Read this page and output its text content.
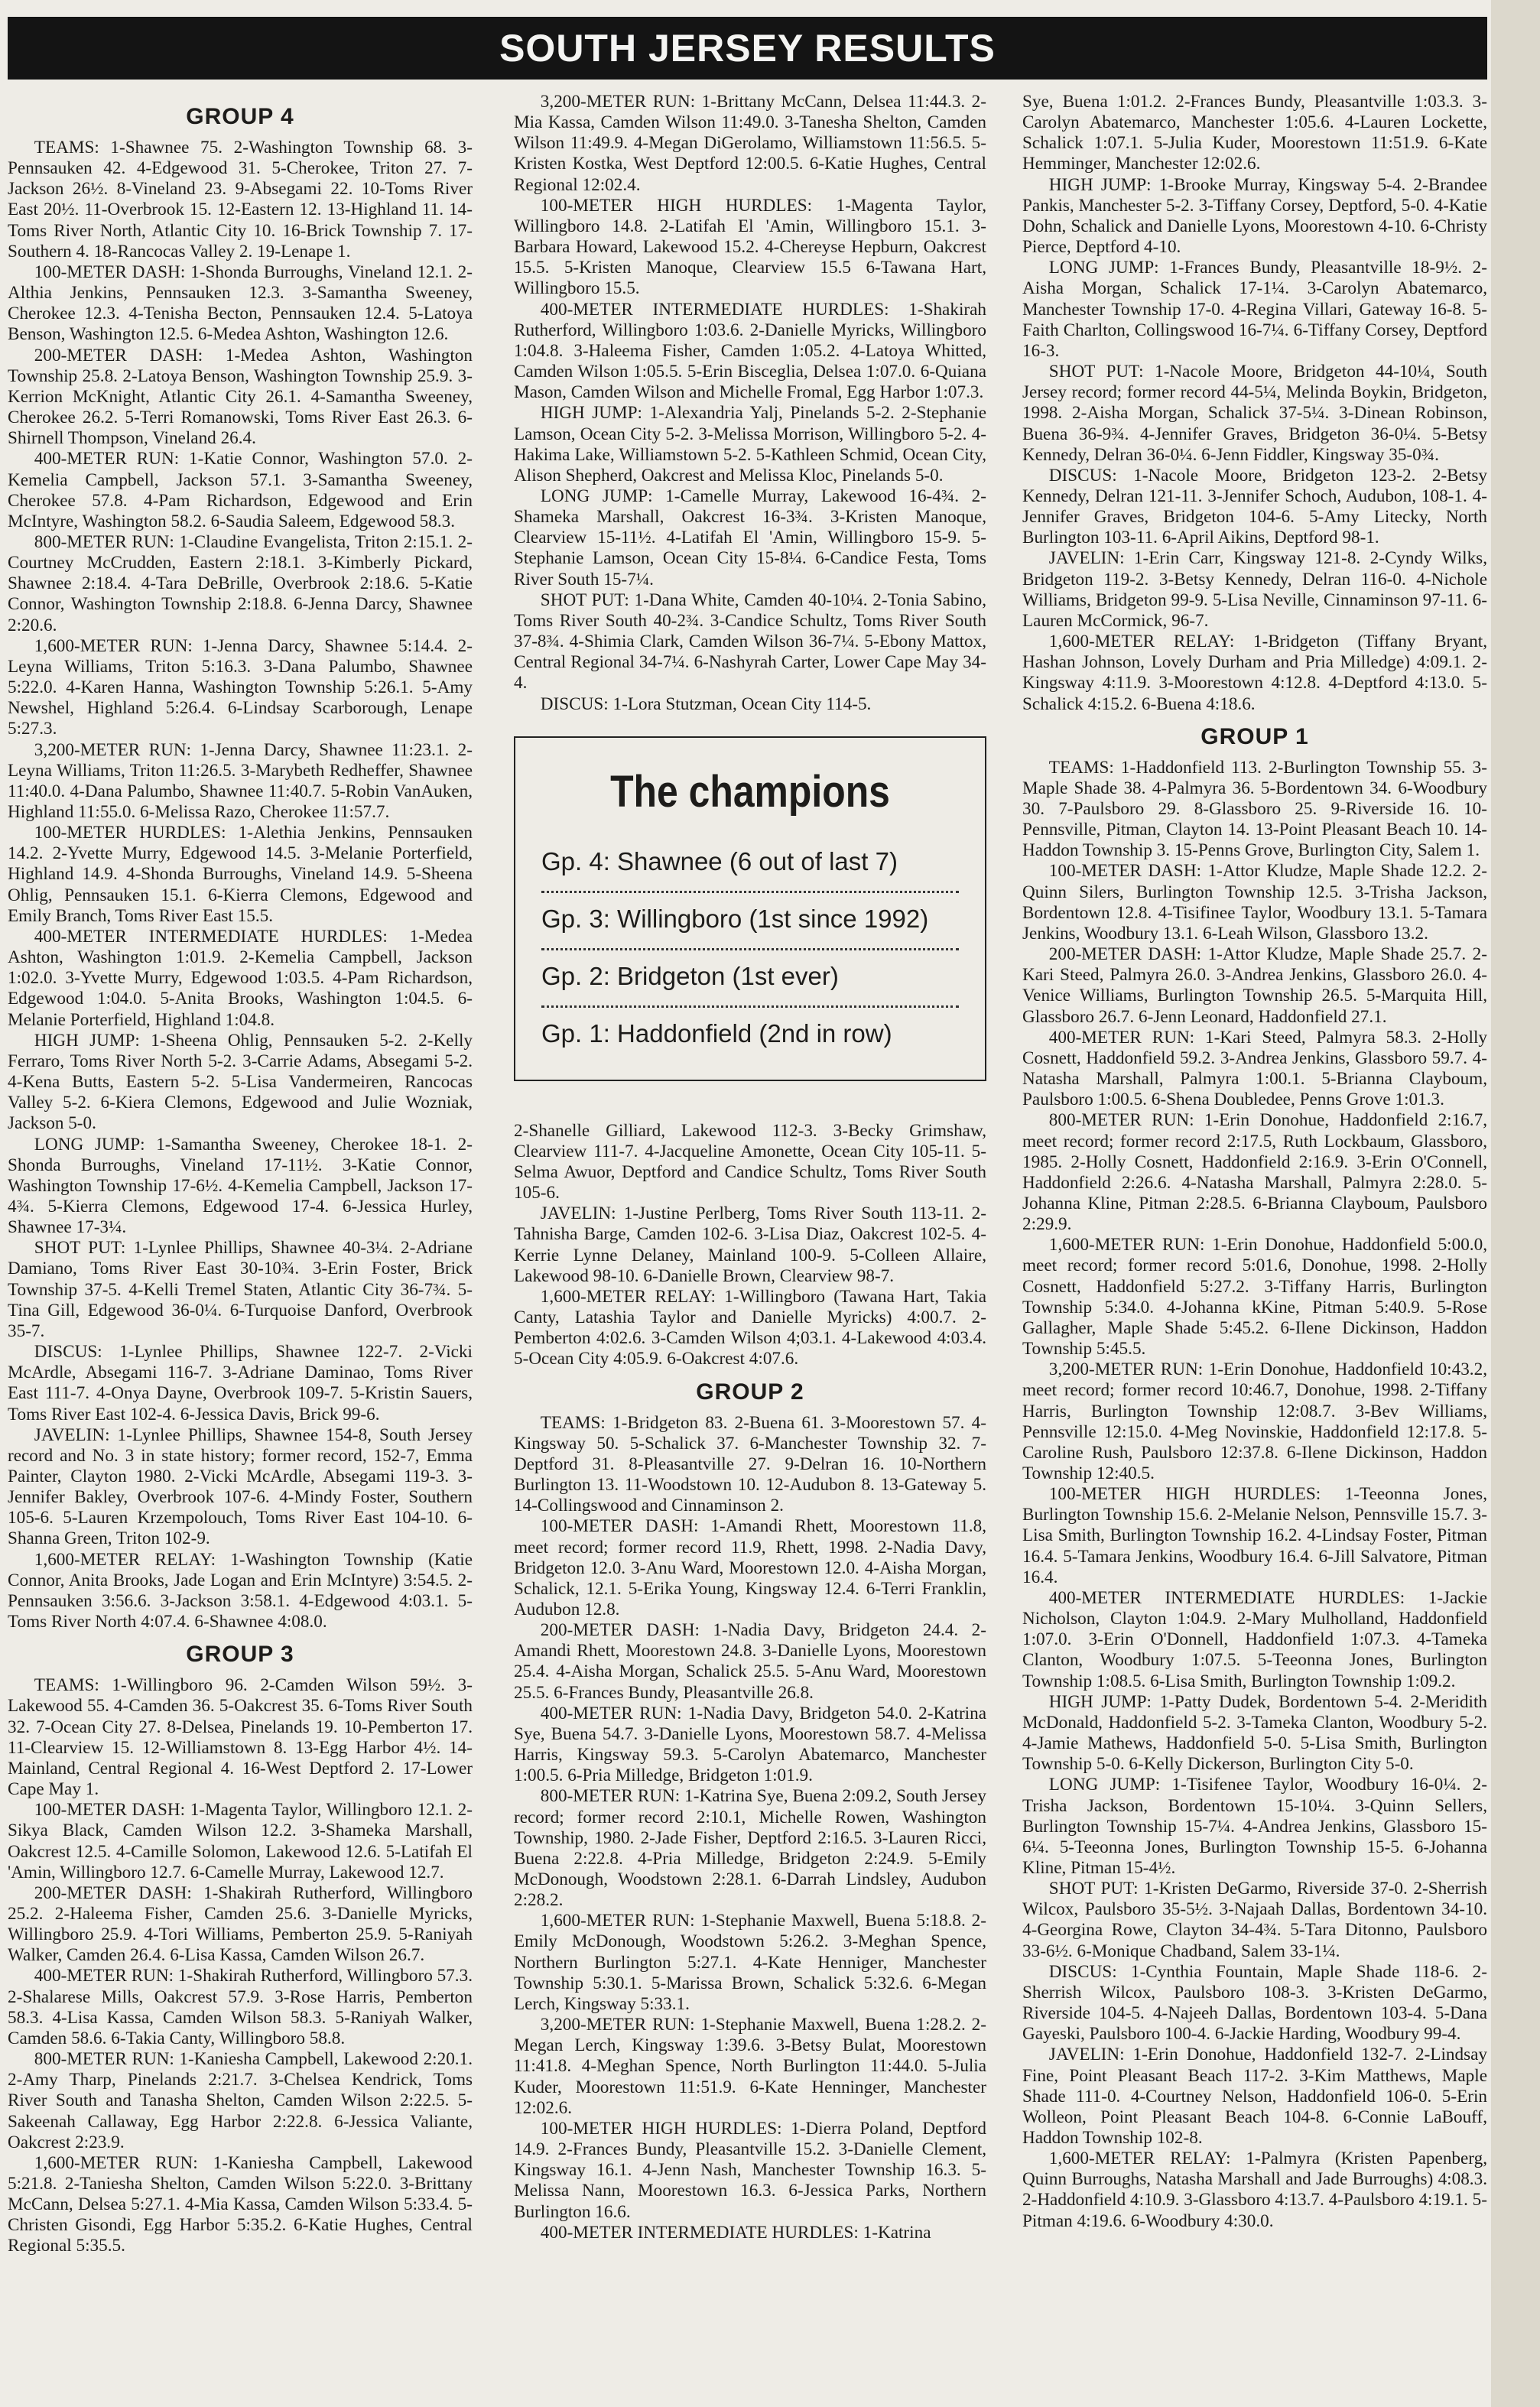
SOUTH JERSEY RESULTS
GROUP 4

TEAMS: 1-Shawnee 75. 2-Washington Township 68. 3-Pennsauken 42. 4-Edgewood 31. 5-Cherokee, Triton 27. 7-Jackson 26½. 8-Vineland 23. 9-Absegami 22. 10-Toms River East 20½. 11-Overbrook 15. 12-Eastern 12. 13-Highland 11. 14-Toms River North, Atlantic City 10. 16-Brick Township 7. 17-Southern 4. 18-Rancocas Valley 2. 19-Lenape 1.

100-METER DASH: 1-Shonda Burroughs, Vineland 12.1. 2-Althia Jenkins, Pennsauken 12.3. 3-Samantha Sweeney, Cherokee 12.3. 4-Tenisha Becton, Pennsauken 12.4. 5-Latoya Benson, Washington 12.5. 6-Medea Ashton, Washington 12.6.

200-METER DASH: 1-Medea Ashton, Washington Township 25.8. 2-Latoya Benson, Washington Township 25.9. 3-Kerrion McKnight, Atlantic City 26.1. 4-Samantha Sweeney, Cherokee 26.2. 5-Terri Romanowski, Toms River East 26.3. 6-Shirnell Thompson, Vineland 26.4.

400-METER RUN: 1-Katie Connor, Washington 57.0. 2-Kemelia Campbell, Jackson 57.1. 3-Samantha Sweeney, Cherokee 57.8. 4-Pam Richardson, Edgewood and Erin McIntyre, Washington 58.2. 6-Saudia Saleem, Edgewood 58.3.

800-METER RUN: 1-Claudine Evangelista, Triton 2:15.1. 2-Courtney McCrudden, Eastern 2:18.1. 3-Kimberly Pickard, Shawnee 2:18.4. 4-Tara DeBrille, Overbrook 2:18.6. 5-Katie Connor, Washington Township 2:18.8. 6-Jenna Darcy, Shawnee 2:20.6.

1,600-METER RUN: 1-Jenna Darcy, Shawnee 5:14.4. 2-Leyna Williams, Triton 5:16.3. 3-Dana Palumbo, Shawnee 5:22.0. 4-Karen Hanna, Washington Township 5:26.1. 5-Amy Newshel, Highland 5:26.4. 6-Lindsay Scarborough, Lenape 5:27.3.

3,200-METER RUN: 1-Jenna Darcy, Shawnee 11:23.1. 2-Leyna Williams, Triton 11:26.5. 3-Marybeth Redheffer, Shawnee 11:40.0. 4-Dana Palumbo, Shawnee 11:40.7. 5-Robin VanAuken, Highland 11:55.0. 6-Melissa Razo, Cherokee 11:57.7.

100-METER HURDLES: 1-Alethia Jenkins, Pennsauken 14.2. 2-Yvette Murry, Edgewood 14.5. 3-Melanie Porterfield, Highland 14.9. 4-Shonda Burroughs, Vineland 14.9. 5-Sheena Ohlig, Pennsauken 15.1. 6-Kierra Clemons, Edgewood and Emily Branch, Toms River East 15.5.

400-METER INTERMEDIATE HURDLES: 1-Medea Ashton, Washington 1:01.9. 2-Kemelia Campbell, Jackson 1:02.0. 3-Yvette Murry, Edgewood 1:03.5. 4-Pam Richardson, Edgewood 1:04.0. 5-Anita Brooks, Washington 1:04.5. 6-Melanie Porterfield, Highland 1:04.8.

HIGH JUMP: 1-Sheena Ohlig, Pennsauken 5-2. 2-Kelly Ferraro, Toms River North 5-2. 3-Carrie Adams, Absegami 5-2. 4-Kena Butts, Eastern 5-2. 5-Lisa Vandermeiren, Rancocas Valley 5-2. 6-Kiera Clemons, Edgewood and Julie Wozniak, Jackson 5-0.

LONG JUMP: 1-Samantha Sweeney, Cherokee 18-1. 2-Shonda Burroughs, Vineland 17-11½. 3-Katie Connor, Washington Township 17-6½. 4-Kemelia Campbell, Jackson 17-4¾. 5-Kierra Clemons, Edgewood 17-4. 6-Jessica Hurley, Shawnee 17-3¼.

SHOT PUT: 1-Lynlee Phillips, Shawnee 40-3¼. 2-Adriane Damiano, Toms River East 30-10¾. 3-Erin Foster, Brick Township 37-5. 4-Kelli Tremel Staten, Atlantic City 36-7¾. 5-Tina Gill, Edgewood 36-0¼. 6-Turquoise Danford, Overbrook 35-7.

DISCUS: 1-Lynlee Phillips, Shawnee 122-7. 2-Vicki McArdle, Absegami 116-7. 3-Adriane Daminao, Toms River East 111-7. 4-Onya Dayne, Overbrook 109-7. 5-Kristin Sauers, Toms River East 102-4. 6-Jessica Davis, Brick 99-6.

JAVELIN: 1-Lynlee Phillips, Shawnee 154-8, South Jersey record and No. 3 in state history; former record, 152-7, Emma Painter, Clayton 1980. 2-Vicki McArdle, Absegami 119-3. 3-Jennifer Bakley, Overbrook 107-6. 4-Mindy Foster, Southern 105-6. 5-Lauren Krzempolouch, Toms River East 104-10. 6-Shanna Green, Triton 102-9.

1,600-METER RELAY: 1-Washington Township (Katie Connor, Anita Brooks, Jade Logan and Erin McIntyre) 3:54.5. 2-Pennsauken 3:56.6. 3-Jackson 3:58.1. 4-Edgewood 4:03.1. 5-Toms River North 4:07.4. 6-Shawnee 4:08.0.

GROUP 3

TEAMS: 1-Willingboro 96. 2-Camden Wilson 59½. 3-Lakewood 55. 4-Camden 36. 5-Oakcrest 35. 6-Toms River South 32. 7-Ocean City 27. 8-Delsea, Pinelands 19. 10-Pemberton 17. 11-Clearview 15. 12-Williamstown 8. 13-Egg Harbor 4½. 14-Mainland, Central Regional 4. 16-West Deptford 2. 17-Lower Cape May 1.

100-METER DASH: 1-Magenta Taylor, Willingboro 12.1. 2-Sikya Black, Camden Wilson 12.2. 3-Shameka Marshall, Oakcrest 12.5. 4-Camille Solomon, Lakewood 12.6. 5-Latifah El 'Amin, Willingboro 12.7. 6-Camelle Murray, Lakewood 12.7.

200-METER DASH: 1-Shakirah Rutherford, Willingboro 25.2. 2-Haleema Fisher, Camden 25.6. 3-Danielle Myricks, Willingboro 25.9. 4-Tori Williams, Pemberton 25.9. 5-Raniyah Walker, Camden 26.4. 6-Lisa Kassa, Camden Wilson 26.7.

400-METER RUN: 1-Shakirah Rutherford, Willingboro 57.3. 2-Shalarese Mills, Oakcrest 57.9. 3-Rose Harris, Pemberton 58.3. 4-Lisa Kassa, Camden Wilson 58.3. 5-Raniyah Walker, Camden 58.6. 6-Takia Canty, Willingboro 58.8.

800-METER RUN: 1-Kaniesha Campbell, Lakewood 2:20.1. 2-Amy Tharp, Pinelands 2:21.7. 3-Chelsea Kendrick, Toms River South and Tanasha Shelton, Camden Wilson 2:22.5. 5-Sakeenah Callaway, Egg Harbor 2:22.8. 6-Jessica Valiante, Oakcrest 2:23.9.

1,600-METER RUN: 1-Kaniesha Campbell, Lakewood 5:21.8. 2-Taniesha Shelton, Camden Wilson 5:22.0. 3-Brittany McCann, Delsea 5:27.1. 4-Mia Kassa, Camden Wilson 5:33.4. 5-Christen Gisondi, Egg Harbor 5:35.2. 6-Katie Hughes, Central Regional 5:35.5.

3,200-METER RUN: 1-Brittany McCann, Delsea 11:44.3. 2-Mia Kassa, Camden Wilson 11:49.0. 3-Tanesha Shelton, Camden Wilson 11:49.9. 4-Megan DiGerolamo, Williamstown 11:56.5. 5-Kristen Kostka, West Deptford 12:00.5. 6-Katie Hughes, Central Regional 12:02.4.

100-METER HIGH HURDLES: 1-Magenta Taylor, Willingboro 14.8. 2-Latifah El 'Amin, Willingboro 15.1. 3-Barbara Howard, Lakewood 15.2. 4-Chereyse Hepburn, Oakcrest 15.5. 5-Kristen Manoque, Clearview 15.5 6-Tawana Hart, Willingboro 15.5.

400-METER INTERMEDIATE HURDLES: 1-Shakirah Rutherford, Willingboro 1:03.6. 2-Danielle Myricks, Willingboro 1:04.8. 3-Haleema Fisher, Camden 1:05.2. 4-Latoya Whitted, Camden Wilson 1:05.5. 5-Erin Bisceglia, Delsea 1:07.0. 6-Quiana Mason, Camden Wilson and Michelle Fromal, Egg Harbor 1:07.3.

HIGH JUMP: 1-Alexandria Yalj, Pinelands 5-2. 2-Stephanie Lamson, Ocean City 5-2. 3-Melissa Morrison, Willingboro 5-2. 4-Hakima Lake, Williamstown 5-2. 5-Kathleen Schmid, Ocean City, Alison Shepherd, Oakcrest and Melissa Kloc, Pinelands 5-0.

LONG JUMP: 1-Camelle Murray, Lakewood 16-4¾. 2-Shameka Marshall, Oakcrest 16-3¾. 3-Kristen Manoque, Clearview 15-11½. 4-Latifah El 'Amin, Willingboro 15-9. 5-Stephanie Lamson, Ocean City 15-8¼. 6-Candice Festa, Toms River South 15-7¼.

SHOT PUT: 1-Dana White, Camden 40-10¼. 2-Tonia Sabino, Toms River South 40-2¾. 3-Candice Schultz, Toms River South 37-8¾. 4-Shimia Clark, Camden Wilson 36-7¼. 5-Ebony Mattox, Central Regional 34-7¼. 6-Nashyrah Carter, Lower Cape May 34-4.

DISCUS: 1-Lora Stutzman, Ocean City 114-5.

The champions
Gp. 4: Shawnee (6 out of last 7)
Gp. 3: Willingboro (1st since 1992)
Gp. 2: Bridgeton (1st ever)
Gp. 1: Haddonfield (2nd in row)

2-Shanelle Gilliard, Lakewood 112-3. 3-Becky Grimshaw, Clearview 111-7. 4-Jacqueline Amonette, Ocean City 105-11. 5-Selma Awuor, Deptford and Candice Schultz, Toms River South 105-6.

JAVELIN: 1-Justine Perlberg, Toms River South 113-11. 2-Tahnisha Barge, Camden 102-6. 3-Lisa Diaz, Oakcrest 102-5. 4-Kerrie Lynne Delaney, Mainland 100-9. 5-Colleen Allaire, Lakewood 98-10. 6-Danielle Brown, Clearview 98-7.

1,600-METER RELAY: 1-Willingboro (Tawana Hart, Takia Canty, Latashia Taylor and Danielle Myricks) 4:00.7. 2-Pemberton 4:02.6. 3-Camden Wilson 4;03.1. 4-Lakewood 4:03.4. 5-Ocean City 4:05.9. 6-Oakcrest 4:07.6.

GROUP 2

TEAMS: 1-Bridgeton 83. 2-Buena 61. 3-Moorestown 57. 4-Kingsway 50. 5-Schalick 37. 6-Manchester Township 32. 7-Deptford 31. 8-Pleasantville 27. 9-Delran 16. 10-Northern Burlington 13. 11-Woodstown 10. 12-Audubon 8. 13-Gateway 5. 14-Collingswood and Cinnaminson 2.

100-METER DASH: 1-Amandi Rhett, Moorestown 11.8, meet record; former record 11.9, Rhett, 1998. 2-Nadia Davy, Bridgeton 12.0. 3-Anu Ward, Moorestown 12.0. 4-Aisha Morgan, Schalick, 12.1. 5-Erika Young, Kingsway 12.4. 6-Terri Franklin, Audubon 12.8.

200-METER DASH: 1-Nadia Davy, Bridgeton 24.4. 2-Amandi Rhett, Moorestown 24.8. 3-Danielle Lyons, Moorestown 25.4. 4-Aisha Morgan, Schalick 25.5. 5-Anu Ward, Moorestown 25.5. 6-Frances Bundy, Pleasantville 26.8.

400-METER RUN: 1-Nadia Davy, Bridgeton 54.0. 2-Katrina Sye, Buena 54.7. 3-Danielle Lyons, Moorestown 58.7. 4-Melissa Harris, Kingsway 59.3. 5-Carolyn Abatemarco, Manchester 1:00.5. 6-Pria Milledge, Bridgeton 1:01.9.

800-METER RUN: 1-Katrina Sye, Buena 2:09.2, South Jersey record; former record 2:10.1, Michelle Rowen, Washington Township, 1980. 2-Jade Fisher, Deptford 2:16.5. 3-Lauren Ricci, Buena 2:22.8. 4-Pria Milledge, Bridgeton 2:24.9. 5-Emily McDonough, Woodstown 2:28.1. 6-Darrah Lindsley, Audubon 2:28.2.

1,600-METER RUN: 1-Stephanie Maxwell, Buena 5:18.8. 2-Emily McDonough, Woodstown 5:26.2. 3-Meghan Spence, Northern Burlington 5:27.1. 4-Kate Henniger, Manchester Township 5:30.1. 5-Marissa Brown, Schalick 5:32.6. 6-Megan Lerch, Kingsway 5:33.1.

3,200-METER RUN: 1-Stephanie Maxwell, Buena 1:28.2. 2-Megan Lerch, Kingsway 1:39.6. 3-Betsy Bulat, Moorestown 11:41.8. 4-Meghan Spence, North Burlington 11:44.0. 5-Julia Kuder, Moorestown 11:51.9. 6-Kate Henninger, Manchester 12:02.6.

100-METER HIGH HURDLES: 1-Dierra Poland, Deptford 14.9. 2-Frances Bundy, Pleasantville 15.2. 3-Danielle Clement, Kingsway 16.1. 4-Jenn Nash, Manchester Township 16.3. 5-Melissa Nann, Moorestown 16.3. 6-Jessica Parks, Northern Burlington 16.6.

400-METER INTERMEDIATE HURDLES: 1-Katrina

Sye, Buena 1:01.2. 2-Frances Bundy, Pleasantville 1:03.3. 3-Carolyn Abatemarco, Manchester 1:05.6. 4-Lauren Lockette, Schalick 1:07.1. 5-Julia Kuder, Moorestown 11:51.9. 6-Kate Hemminger, Manchester 12:02.6.

HIGH JUMP: 1-Brooke Murray, Kingsway 5-4. 2-Brandee Pankis, Manchester 5-2. 3-Tiffany Corsey, Deptford, 5-0. 4-Katie Dohn, Schalick and Danielle Lyons, Moorestown 4-10. 6-Christy Pierce, Deptford 4-10.

LONG JUMP: 1-Frances Bundy, Pleasantville 18-9½. 2-Aisha Morgan, Schalick 17-1¼. 3-Carolyn Abatemarco, Manchester Township 17-0. 4-Regina Villari, Gateway 16-8. 5-Faith Charlton, Collingswood 16-7¼. 6-Tiffany Corsey, Deptford 16-3.

SHOT PUT: 1-Nacole Moore, Bridgeton 44-10¼, South Jersey record; former record 44-5¼, Melinda Boykin, Bridgeton, 1998. 2-Aisha Morgan, Schalick 37-5¼. 3-Dinean Robinson, Buena 36-9¾. 4-Jennifer Graves, Bridgeton 36-0¼. 5-Betsy Kennedy, Delran 36-0¼. 6-Jenn Fiddler, Kingsway 35-0¾.

DISCUS: 1-Nacole Moore, Bridgeton 123-2. 2-Betsy Kennedy, Delran 121-11. 3-Jennifer Schoch, Audubon, 108-1. 4-Jennifer Graves, Bridgeton 104-6. 5-Amy Litecky, North Burlington 103-11. 6-April Aikins, Deptford 98-1.

JAVELIN: 1-Erin Carr, Kingsway 121-8. 2-Cyndy Wilks, Bridgeton 119-2. 3-Betsy Kennedy, Delran 116-0. 4-Nichole Williams, Bridgeton 99-9. 5-Lisa Neville, Cinnaminson 97-11. 6-Lauren McCormick, 96-7.

1,600-METER RELAY: 1-Bridgeton (Tiffany Bryant, Hashan Johnson, Lovely Durham and Pria Milledge) 4:09.1. 2-Kingsway 4:11.9. 3-Moorestown 4:12.8. 4-Deptford 4:13.0. 5-Schalick 4:15.2. 6-Buena 4:18.6.

GROUP 1

TEAMS: 1-Haddonfield 113. 2-Burlington Township 55. 3-Maple Shade 38. 4-Palmyra 36. 5-Bordentown 34. 6-Woodbury 30. 7-Paulsboro 29. 8-Glassboro 25. 9-Riverside 16. 10-Pennsville, Pitman, Clayton 14. 13-Point Pleasant Beach 10. 14-Haddon Township 3. 15-Penns Grove, Burlington City, Salem 1.

100-METER DASH: 1-Attor Kludze, Maple Shade 12.2. 2-Quinn Silers, Burlington Township 12.5. 3-Trisha Jackson, Bordentown 12.8. 4-Tisifinee Taylor, Woodbury 13.1. 5-Tamara Jenkins, Woodbury 13.1. 6-Leah Wilson, Glassboro 13.2.

200-METER DASH: 1-Attor Kludze, Maple Shade 25.7. 2-Kari Steed, Palmyra 26.0. 3-Andrea Jenkins, Glassboro 26.0. 4-Venice Williams, Burlington Township 26.5. 5-Marquita Hill, Glassboro 26.7. 6-Jenn Leonard, Haddonfield 27.1.

400-METER RUN: 1-Kari Steed, Palmyra 58.3. 2-Holly Cosnett, Haddonfield 59.2. 3-Andrea Jenkins, Glassboro 59.7. 4-Natasha Marshall, Palmyra 1:00.1. 5-Brianna Clayboum, Paulsboro 1:00.5. 6-Shena Doubledee, Penns Grove 1:01.3.

800-METER RUN: 1-Erin Donohue, Haddonfield 2:16.7, meet record; former record 2:17.5, Ruth Lockbaum, Glassboro, 1985. 2-Holly Cosnett, Haddonfield 2:16.9. 3-Erin O'Connell, Haddonfield 2:26.6. 4-Natasha Marshall, Palmyra 2:28.0. 5-Johanna Kline, Pitman 2:28.5. 6-Brianna Clayboum, Paulsboro 2:29.9.

1,600-METER RUN: 1-Erin Donohue, Haddonfield 5:00.0, meet record; former record 5:01.6, Donohue, 1998. 2-Holly Cosnett, Haddonfield 5:27.2. 3-Tiffany Harris, Burlington Township 5:34.0. 4-Johanna kKine, Pitman 5:40.9. 5-Rose Gallagher, Maple Shade 5:45.2. 6-Ilene Dickinson, Haddon Township 5:45.5.

3,200-METER RUN: 1-Erin Donohue, Haddonfield 10:43.2, meet record; former record 10:46.7, Donohue, 1998. 2-Tiffany Harris, Burlington Township 12:08.7. 3-Bev Williams, Pennsville 12:15.0. 4-Meg Novinskie, Haddonfield 12:17.8. 5-Caroline Rush, Paulsboro 12:37.8. 6-Ilene Dickinson, Haddon Township 12:40.5.

100-METER HIGH HURDLES: 1-Teeonna Jones, Burlington Township 15.6. 2-Melanie Nelson, Pennsville 15.7. 3-Lisa Smith, Burlington Township 16.2. 4-Lindsay Foster, Pitman 16.4. 5-Tamara Jenkins, Woodbury 16.4. 6-Jill Salvatore, Pitman 16.4.

400-METER INTERMEDIATE HURDLES: 1-Jackie Nicholson, Clayton 1:04.9. 2-Mary Mulholland, Haddonfield 1:07.0. 3-Erin O'Donnell, Haddonfield 1:07.3. 4-Tameka Clanton, Woodbury 1:07.5. 5-Teeonna Jones, Burlington Township 1:08.5. 6-Lisa Smith, Burlington Township 1:09.2.

HIGH JUMP: 1-Patty Dudek, Bordentown 5-4. 2-Meridith McDonald, Haddonfield 5-2. 3-Tameka Clanton, Woodbury 5-2. 4-Jamie Mathews, Haddonfield 5-0. 5-Lisa Smith, Burlington Township 5-0. 6-Kelly Dickerson, Burlington City 5-0.

LONG JUMP: 1-Tisifenee Taylor, Woodbury 16-0¼. 2-Trisha Jackson, Bordentown 15-10¼. 3-Quinn Sellers, Burlington Township 15-7¼. 4-Andrea Jenkins, Glassboro 15-6¼. 5-Teeonna Jones, Burlington Township 15-5. 6-Johanna Kline, Pitman 15-4½.

SHOT PUT: 1-Kristen DeGarmo, Riverside 37-0. 2-Sherrish Wilcox, Paulsboro 35-5½. 3-Najaah Dallas, Bordentown 34-10. 4-Georgina Rowe, Clayton 34-4¾. 5-Tara Ditonno, Paulsboro 33-6½. 6-Monique Chadband, Salem 33-1¼.

DISCUS: 1-Cynthia Fountain, Maple Shade 118-6. 2-Sherrish Wilcox, Paulsboro 108-3. 3-Kristen DeGarmo, Riverside 104-5. 4-Najeeh Dallas, Bordentown 103-4. 5-Dana Gayeski, Paulsboro 100-4. 6-Jackie Harding, Woodbury 99-4.

JAVELIN: 1-Erin Donohue, Haddonfield 132-7. 2-Lindsay Fine, Point Pleasant Beach 117-2. 3-Kim Matthews, Maple Shade 111-0. 4-Courtney Nelson, Haddonfield 106-0. 5-Erin Wolleon, Point Pleasant Beach 104-8. 6-Connie LaBouff, Haddon Township 102-8.

1,600-METER RELAY: 1-Palmyra (Kristen Papenberg, Quinn Burroughs, Natasha Marshall and Jade Burroughs) 4:08.3. 2-Haddonfield 4:10.9. 3-Glassboro 4:13.7. 4-Paulsboro 4:19.1. 5-Pitman 4:19.6. 6-Woodbury 4:30.0.
